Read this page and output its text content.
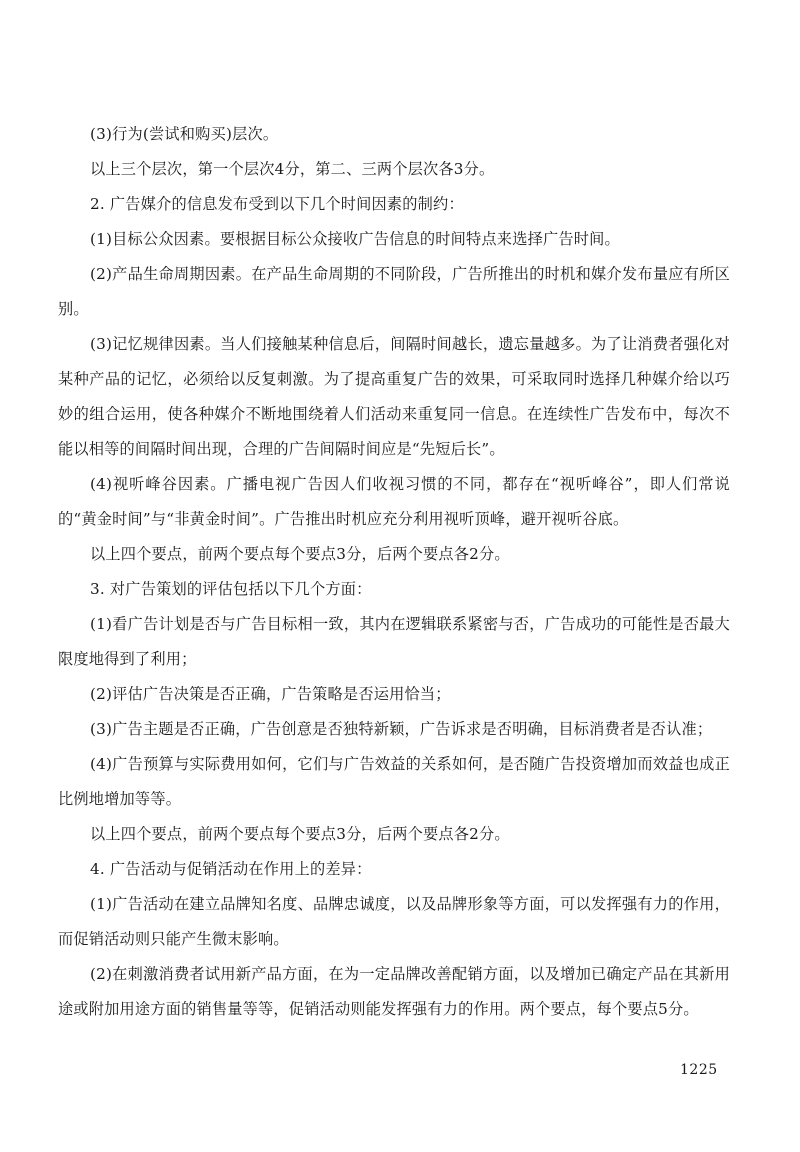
(3)行为(尝试和购买)层次。

以上三个层次，第一个层次4分，第二、三两个层次各3分。

2. 广告媒介的信息发布受到以下几个时间因素的制约：

(1)目标公众因素。要根据目标公众接收广告信息的时间特点来选择广告时间。

(2)产品生命周期因素。在产品生命周期的不同阶段，广告所推出的时机和媒介发布量应有所区别。

(3)记忆规律因素。当人们接触某种信息后，间隔时间越长，遗忘量越多。为了让消费者强化对某种产品的记忆，必须给以反复刺激。为了提高重复广告的效果，可采取同时选择几种媒介给以巧妙的组合运用，使各种媒介不断地围绕着人们活动来重复同一信息。在连续性广告发布中，每次不能以相等的间隔时间出现，合理的广告间隔时间应是“先短后长”。

(4)视听峰谷因素。广播电视广告因人们收视习惯的不同，都存在“视听峰谷”，即人们常说的“黄金时间”与“非黄金时间”。广告推出时机应充分利用视听顶峰，避开视听谷底。

以上四个要点，前两个要点每个要点3分，后两个要点各2分。

3. 对广告策划的评估包括以下几个方面：

(1)看广告计划是否与广告目标相一致，其内在逻辑联系紧密与否，广告成功的可能性是否最大限度地得到了利用；

(2)评估广告决策是否正确，广告策略是否运用恰当；

(3)广告主题是否正确，广告创意是否独特新颖，广告诉求是否明确，目标消费者是否认准；

(4)广告预算与实际费用如何，它们与广告效益的关系如何，是否随广告投资增加而效益也成正比例地增加等等。

以上四个要点，前两个要点每个要点3分，后两个要点各2分。

4. 广告活动与促销活动在作用上的差异：

(1)广告活动在建立品牌知名度、品牌忠诚度，以及品牌形象等方面，可以发挥强有力的作用，而促销活动则只能产生微末影响。

(2)在刺激消费者试用新产品方面，在为一定品牌改善配销方面，以及增加已确定产品在其新用途或附加用途方面的销售量等等，促销活动则能发挥强有力的作用。两个要点，每个要点5分。

1225
